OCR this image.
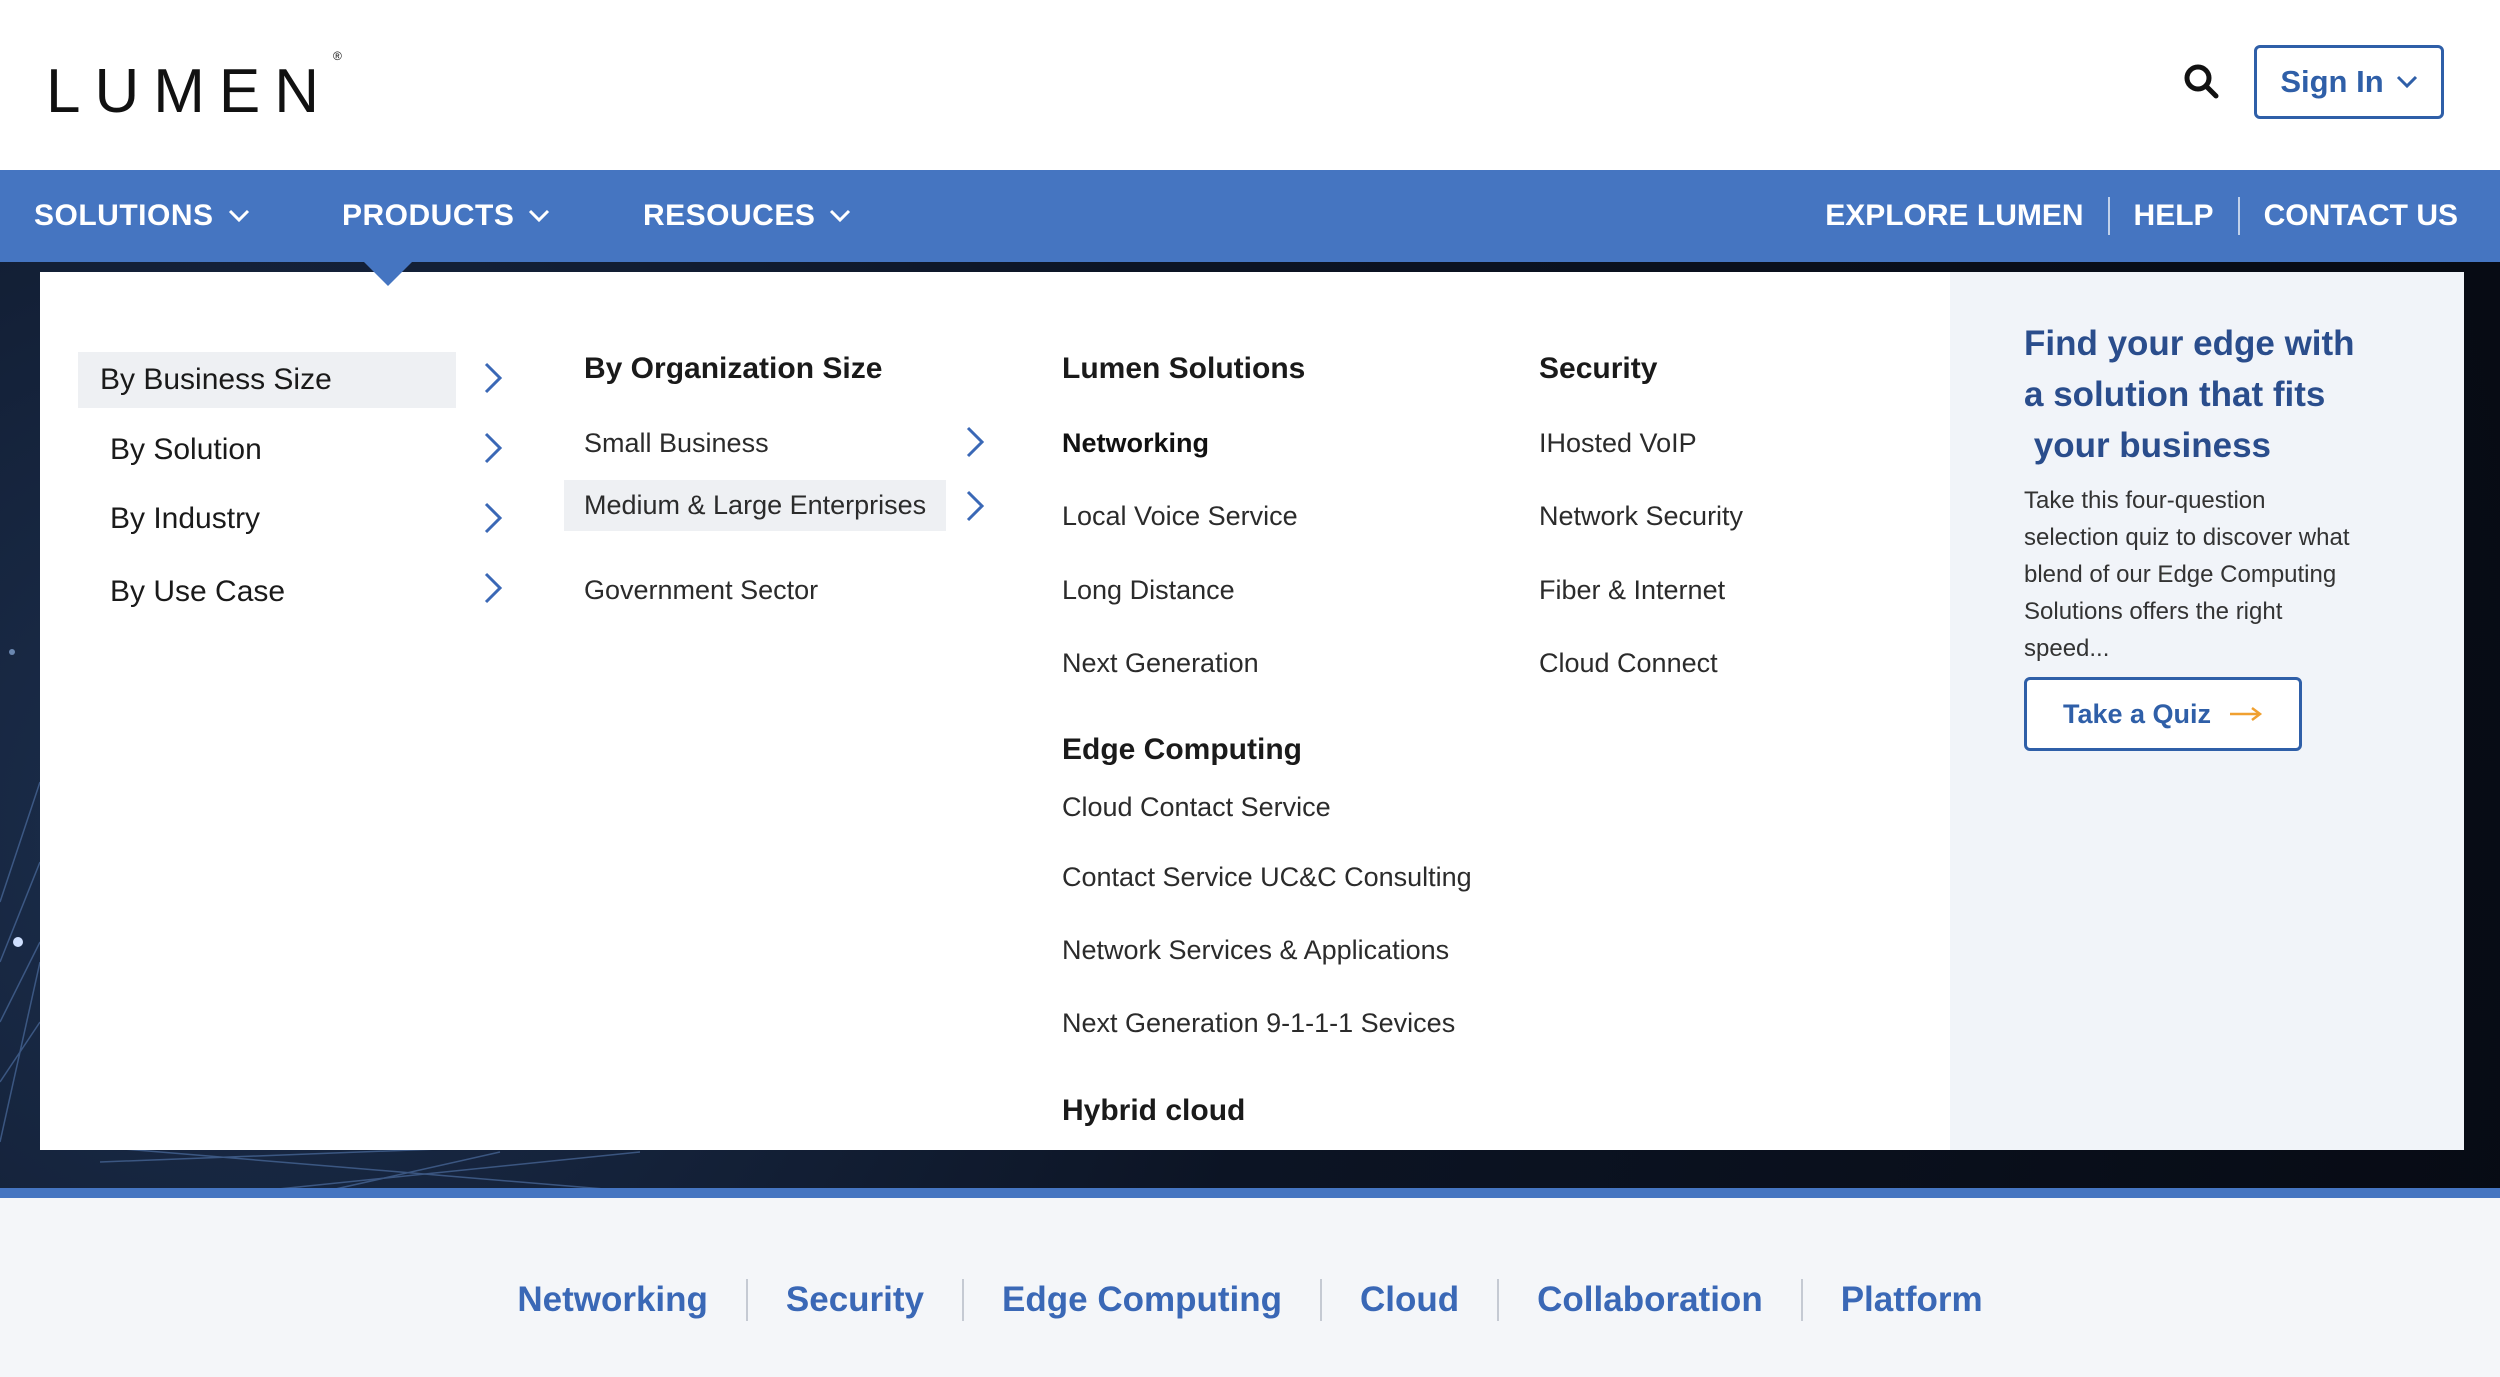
LUMEN®
Sign In
SOLUTIONS	PRODUCTS	RESOUCES	EXPLORE LUMEN HELP CONTACT US
By Business Size
By Solution
By Industry
By Use Case
By Organization Size
Small Business
Medium & Large Enterprises
Government Sector
Lumen Solutions
Networking
Local Voice Service
Long Distance
Next Generation
Edge Computing
Cloud Contact Service
Contact Service UC&C Consulting
Network Services & Applications
Next Generation 9-1-1-1 Sevices
Hybrid cloud
Security
IHosted VoIP
Network Security
Fiber & Internet
Cloud Connect
Find your edge with
a solution that fits
your business
Take this four-question selection quiz to discover what blend of our Edge Computing Solutions offers the right speed...
Take a Quiz
Networking Security Edge Computing Cloud Collaboration Platform
